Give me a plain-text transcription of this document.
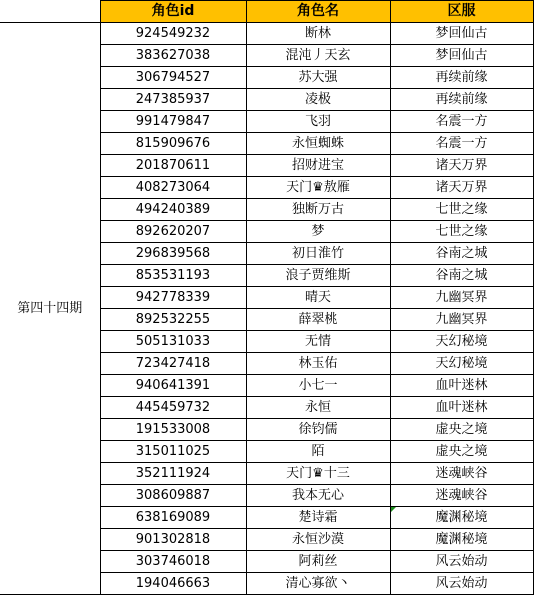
	角色id	角色名	区服
第四十四期	924549232	断林	梦回仙古
	383627038	混沌丿天玄	梦回仙古
	306794527	苏大强	再续前缘
	247385937	凌极	再续前缘
	991479847	飞羽	名震一方
	815909676	永恒蜘蛛	名震一方
	201870611	招财进宝	诸天万界
	408273064	天门♛敖雁	诸天万界
	494240389	独断万古	七世之缘
	892620207	梦	七世之缘
	296839568	初日淮竹	谷南之城
	853531193	浪子贾维斯	谷南之城
	942778339	晴天	九幽冥界
	892532255	薛翠桃	九幽冥界
	505131033	无情	天幻秘境
	723427418	林玉佑	天幻秘境
	940641391	小七一	血叶迷林
	445459732	永恒	血叶迷林
	191533008	徐钧儒	虚央之境
	315011025	陌	虚央之境
	352111924	天门♛十三	迷魂峡谷
	308609887	我本无心	迷魂峡谷
	638169089	楚诗霜	魔渊秘境

	901302818	永恒沙漠	魔渊秘境
	303746018	阿莉丝	风云始动
	194046663	清心寡欲丶	风云始动
